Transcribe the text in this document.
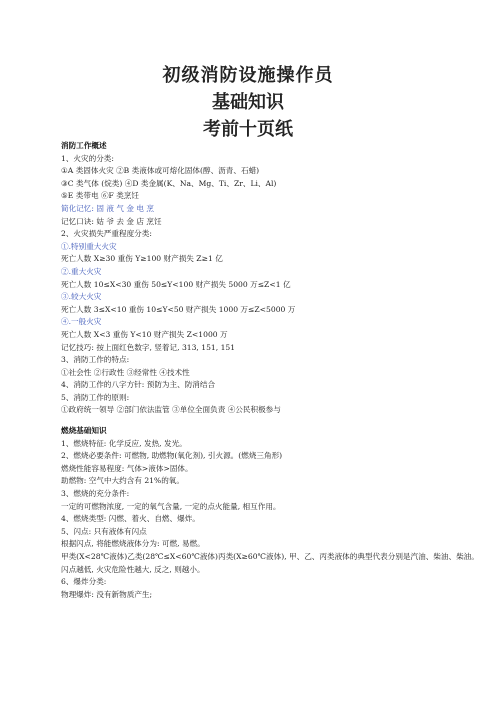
初级消防设施操作员
基础知识
考前十页纸
消防工作概述
1、火灾的分类:
①A 类固体火灾 ②B 类液体或可熔化固体(醇、沥青、石蜡)
③C 类气体 (烷类) ④D 类金属(K、Na、Mg、Ti、Zr、Li、Al)
⑤E 类带电 ⑥F 类烹饪
简化记忆: 固 液 气 金 电 烹
记忆口诀: 姑 爷 去 金 店 烹饪
2、火灾损失严重程度分类:
①.特别重大火灾
死亡人数 X≥30 重伤 Y≥100 财产损失 Z≥1 亿
②.重大火灾
死亡人数 10≤X<30 重伤 50≤Y<100 财产损失 5000 万≤Z<1 亿
③.较大火灾
死亡人数 3≤X<10 重伤 10≤Y<50 财产损失 1000 万≤Z<5000 万
④.一般火灾
死亡人数 X<3 重伤 Y<10 财产损失 Z<1000 万
记忆技巧: 按上面红色数字, 竖着记, 313, 151, 151
3、消防工作的特点:
①社会性 ②行政性 ③经常性 ④技术性
4、消防工作的八字方针: 预防为主、防消结合
5、消防工作的原则:
①政府统一领导 ②部门依法监管 ③单位全面负责 ④公民积极参与
燃烧基础知识
1、燃烧特征: 化学反应, 发热, 发光。
2、燃烧必要条件: 可燃物, 助燃物(氧化剂), 引火源。(燃烧三角形)
燃烧性能容易程度: 气体>液体>固体。
助燃物: 空气中大约含有 21%的氧。
3、燃烧的充分条件:
一定的可燃物浓度, 一定的氧气含量, 一定的点火能量, 相互作用。
4、燃烧类型: 闪燃、着火、自燃、爆炸。
5、闪点: 只有液体有闪点
根据闪点, 将能燃烧液体分为: 可燃, 易燃。
甲类(X<28℃液体)乙类(28℃≤X<60℃液体)丙类(X≥60℃液体), 甲、乙、丙类液体的典型代表分别是汽油、柴油、柴油。
闪点越低, 火灾危险性越大, 反之, 则越小。
6、爆炸分类:
物理爆炸: 没有新物质产生;
